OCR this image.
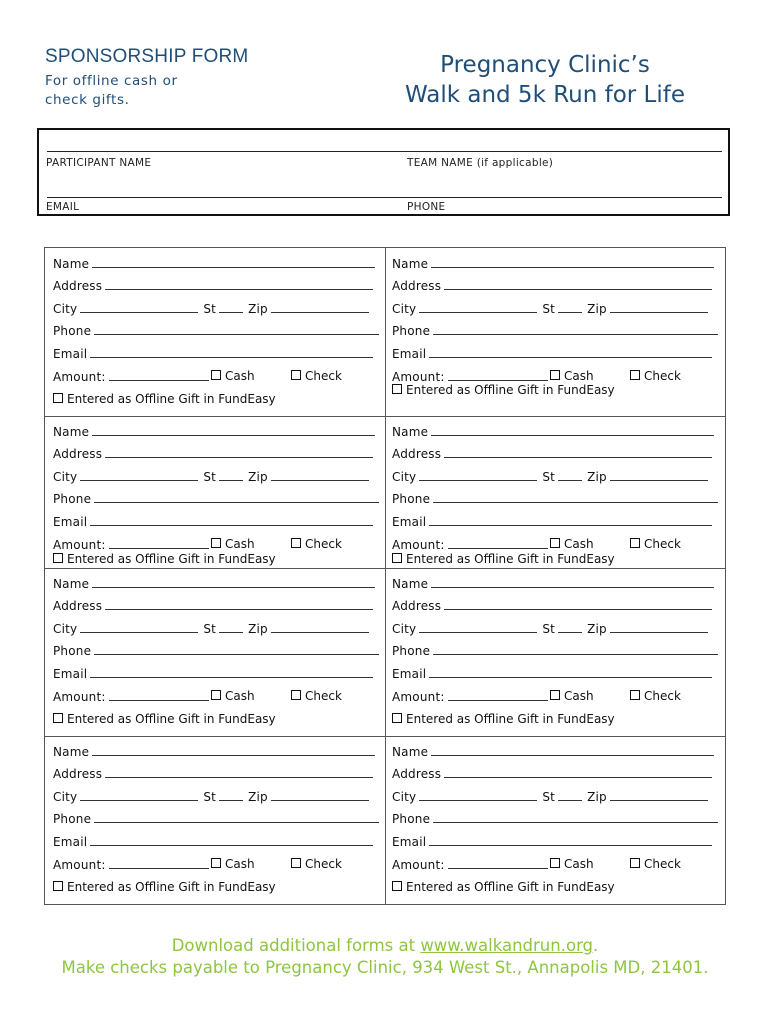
SPONSORSHIP FORM
For offline cash or
check gifts.
Pregnancy Clinic’s
Walk and 5k Run for Life
PARTICIPANT NAME	TEAM NAME (if applicable)
EMAIL	PHONE
Name
Address
City	St	Zip
Phone
Email
Amount:	Cash	Check
Entered as Offline Gift in FundEasy
Name
Address
City	St	Zip
Phone
Email
Amount:	Cash	Check
Entered as Offline Gift in FundEasy
Name
Address
City	St	Zip
Phone
Email
Amount:	Cash	Check
Entered as Offline Gift in FundEasy
Name
Address
City	St	Zip
Phone
Email
Amount:	Cash	Check
Entered as Offline Gift in FundEasy
Name
Address
City	St	Zip
Phone
Email
Amount:	Cash	Check
Entered as Offline Gift in FundEasy
Name
Address
City	St	Zip
Phone
Email
Amount:	Cash	Check
Entered as Offline Gift in FundEasy
Name
Address
City	St	Zip
Phone
Email
Amount:	Cash	Check
Entered as Offline Gift in FundEasy
Name
Address
City	St	Zip
Phone
Email
Amount:	Cash	Check
Entered as Offline Gift in FundEasy
Download additional forms at www.walkandrun.org.
Make checks payable to Pregnancy Clinic, 934 West St., Annapolis MD, 21401.
